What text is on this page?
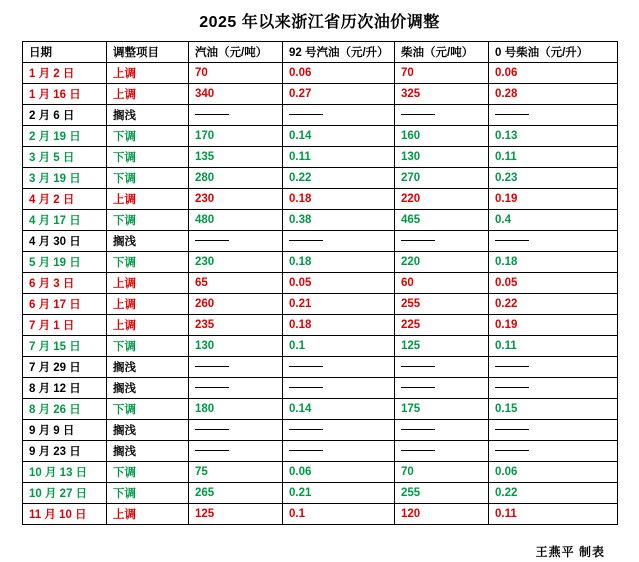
2025 年以来浙江省历次油价调整
日期	调整项目	汽油（元/吨）	92 号汽油（元/升）	柴油（元/吨）	0 号柴油（元/升）
1 月 2 日	上调	70	0.06	70	0.06
1 月 16 日	上调	340	0.27	325	0.28
2 月 6 日	搁浅				
2 月 19 日	下调	170	0.14	160	0.13
3 月 5 日	下调	135	0.11	130	0.11
3 月 19 日	下调	280	0.22	270	0.23
4 月 2 日	上调	230	0.18	220	0.19
4 月 17 日	下调	480	0.38	465	0.4
4 月 30 日	搁浅				
5 月 19 日	下调	230	0.18	220	0.18
6 月 3 日	上调	65	0.05	60	0.05
6 月 17 日	上调	260	0.21	255	0.22
7 月 1 日	上调	235	0.18	225	0.19
7 月 15 日	下调	130	0.1	125	0.11
7 月 29 日	搁浅				
8 月 12 日	搁浅				
8 月 26 日	下调	180	0.14	175	0.15
9 月 9 日	搁浅				
9 月 23 日	搁浅				
10 月 13 日	下调	75	0.06	70	0.06
10 月 27 日	下调	265	0.21	255	0.22
11 月 10 日	上调	125	0.1	120	0.11
王燕平 制表
